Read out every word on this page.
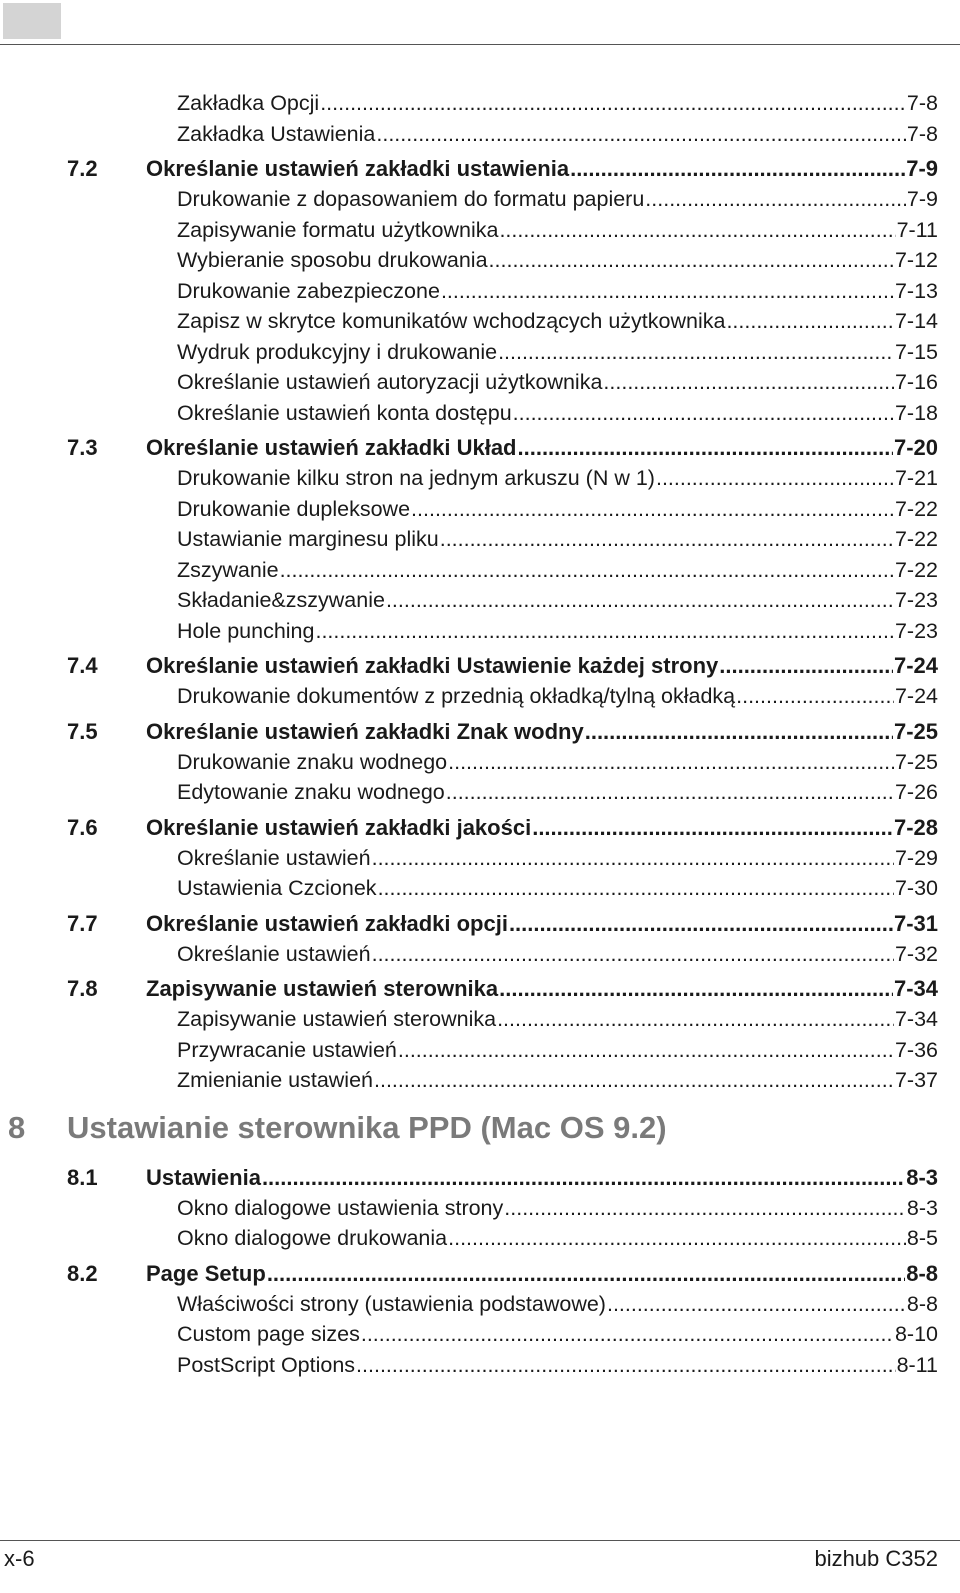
Zakładka Opcji .....	7-8
Zakładka Ustawienia .....	7-8
7.2 Określanie ustawień zakładki ustawienia .....	7-9
Drukowanie z dopasowaniem do formatu papieru .....	7-9
Zapisywanie formatu użytkownika .....	7-11
Wybieranie sposobu drukowania .....	7-12
Drukowanie zabezpieczone .....	7-13
Zapisz w skrytce komunikatów wchodzących użytkownika .....	7-14
Wydruk produkcyjny i drukowanie .....	7-15
Określanie ustawień autoryzacji użytkownika .....	7-16
Określanie ustawień konta dostępu .....	7-18
7.3 Określanie ustawień zakładki Układ .....	7-20
Drukowanie kilku stron na jednym arkuszu (N w 1) .....	7-21
Drukowanie dupleksowe .....	7-22
Ustawianie marginesu pliku .....	7-22
Zszywanie .....	7-22
Składanie&zszywanie .....	7-23
Hole punching .....	7-23
7.4 Określanie ustawień zakładki Ustawienie każdej strony .....	7-24
Drukowanie dokumentów z przednią okładką/tylną okładką .....	7-24
7.5 Określanie ustawień zakładki Znak wodny .....	7-25
Drukowanie znaku wodnego .....	7-25
Edytowanie znaku wodnego .....	7-26
7.6 Określanie ustawień zakładki jakości .....	7-28
Określanie ustawień .....	7-29
Ustawienia Czcionek .....	7-30
7.7 Określanie ustawień zakładki opcji .....	7-31
Określanie ustawień .....	7-32
7.8 Zapisywanie ustawień sterownika .....	7-34
Zapisywanie ustawień sterownika .....	7-34
Przywracanie ustawień .....	7-36
Zmienianie ustawień .....	7-37
8 Ustawianie sterownika PPD (Mac OS 9.2)
8.1 Ustawienia .....	8-3
Okno dialogowe ustawienia strony .....	8-3
Okno dialogowe drukowania .....	8-5
8.2 Page Setup .....	8-8
Właściwości strony (ustawienia podstawowe) .....	8-8
Custom page sizes .....	8-10
PostScript Options .....	8-11
x-6	bizhub C352
